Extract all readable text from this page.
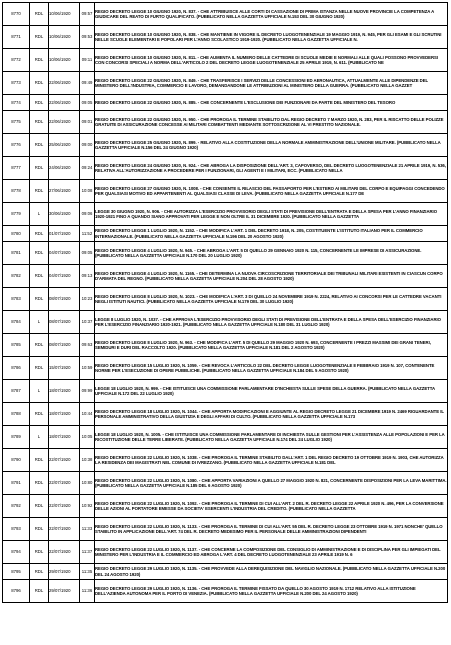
8770	RDL	10/06/1920	09:57	REGIO DECRETO LEGGE 10 GIUGNO 1920, N. 837. - CHE ATTRIBUISCE ALLE CORTI DI CASSAZIONE DI PRIMA ISTANZA NELLE NUOVE PROVINCIE LA COMPETENZA A GIUDICARE DEL REATO DI FURTO QUALIFICATO. (PUBBLICATO NELLA GAZZETTA UFFICIALE N.153 DEL 30 GIUGNO 1920)
8771	RDL	10/06/1920	09:53	REGIO DECRETO LEGGE 10 GIUGNO 1920, N. 838. - CHE MANTIENE IN VIGORE IL DECRETO LUOGOTENENZIALE 19 MAGGIO 1919, N. 945, PER GLI ESAMI E GLI SCRUTINI NELLE SCUOLE ELEMENTARI E POPOLARI PER L'ANNO SCOLASTICO 1919-1920. (PUBBLICATO NELLA GAZZETTA UFFICIALE N.
8772	RDL	10/06/1920	09:11	REGIO DECRETO LEGGE 10 GIUGNO 1920, N. 811. - CHE AUMENTA IL NUMERO DELLE CATTEDRE DI SCUOLE MEDIE E NORMALI ALLE QUALI POSSONO PROVVEDERSI CON CONCORSI SPECIALI A NORMA DELL'ARTICOLO 2 DEL DECRETO LEGGE LUOGOTENENZIALE 25 APRILE 1919, N. 611. (PUBBLICATO NE
8773	RDL	22/06/1920	09:49	REGIO DECRETO LEGGE 22 GIUGNO 1920, N. 849. - CHE TRASFERISCE I SERVIZI DELLE CONCESSIONI ED AERONAUTICA, ATTUALMENTE ALLE DIPENDENZE DEL MINISTERO DELL'INDUSTRIA, COMMERCIO E LAVORO, DEMANDANDONE LE ATTRIBUZIONI AL MINISTERO DELLA GUERRA. (PUBBLICATO NELLA GAZZET
8774	RDL	22/06/1920	09:05	REGIO DECRETO LEGGE 22 GIUGNO 1920, N. 885. - CHE CONCERNENTE L'ESCLUSIONE DEI FUNZIONARI DA PARTE DEL MINISTERO DEL TESORO
8775	RDL	22/06/1920	09:01	REGIO DECRETO LEGGE 22 GIUGNO 1920, N. 950. - CHE PROROGA IL TERMINE STABILITO DAL REGIO DECRETO 7 MARZO 1920, N. 283, PER IL RISCATTO DELLE POLIZZE GRATUITE DI ASSICURAZIONE CONCESSE AI MILITARI COMBATTENTI MEDIANTE SOTTOSCRIZIONE AL VI PRESTITO NAZIONALE.
8776	RDL	25/06/1920	09:00	REGIO DECRETO LEGGE 25 GIUGNO 1920, N. 899. - RELATIVO ALLA COSTITUZIONE DELLA NORMALE AMMINISTRAZIONE DELL'UNIONE MILITARE. (PUBBLICATO NELLA GAZZETTA UFFICIALE N.156 DEL 24 GIUGNO 1920)
8777	RDL	24/06/1920	09:24	REGIO DECRETO LEGGE 24 GIUGNO 1920, N. 924. - CHE ABROGA LA DISPOSIZIONE DELL'ART. 3, CAPOVERSO, DEL DECRETO LUOGOTENENZIALE 21 APRILE 1919, N. 536, RELATIVA ALL'AUTORIZZAZIONE A PROCEDERE PER I FUNZIONARI, GLI AGENTI E I MILITARI, ECC. (PUBBLICATO NELLA
8778	RDL	27/06/1920	10:08	REGIO DECRETO LEGGE 27 GIUGNO 1920, N. 1008. - CHE CONSENTE IL RILASCIO DEL PASSAPORTO PER L'ESTERO AI MILITARI DEL CORPO E EQUIPAGGI CONCEDENDO PER QUALSIASI MOTIVO ED APPARTENENTI AL QUALSIASI CLASSE DI LEVA. (PUBBLICATO NELLA GAZZETTA UFFICIALE N.177 DE
8779	L	30/06/1920	09:06	LEGGE 30 GIUGNO 1920, N. 906. - CHE AUTORIZZA L'ESERCIZIO PROVVISORIO DEGLI STATI DI PREVISIONE DELL'ENTRATA E DELLA SPESA PER L'ANNO FINANZIARIO 1920-1921 FINO A QUANDO SIANO APPROVATI PER LEGGE E NON OLTRE IL 31 DICEMBRE 1920. (PUBBLICATO NELLA GAZZETTA
8780	RDL	01/07/1920	11:52	REGIO DECRETO LEGGE 1 LUGLIO 1920, N. 1152. - CHE MODIFICA L'ART. 1 DEL DECRETO 1918, N. 205, COSTITUENTE L'ISTITUTO ITALIANO PER IL COMMERCIO INTERNAZIONALE. (PUBBLICATO NELLA GAZZETTA UFFICIALE N.196 DEL 20 AGOSTO 1920)
8781	RDL	04/07/1920	09:05	REGIO DECRETO LEGGE 4 LUGLIO 1920, N. 945. - CHE ABROGA L'ART. 5 DI QUELLO 29 GENNAIO 1920 N. 115, CONCERNENTE LE IMPRESE DI ASSICURAZIONE. (PUBBLICATO NELLA GAZZETTA UFFICIALE N.170 DEL 20 LUGLIO 1920)
8782	RDL	04/07/1920	09:13	REGIO DECRETO LEGGE 4 LUGLIO 1920, N. 1165. - CHE DETERMINA LA NUOVA CIRCOSCRIZIONE TERRITORIALE DEI TRIBUNALI MILITARI ESISTENTI IN CIASCUN CORPO D'ARMATA DEL REGNO. (PUBBLICATO NELLA GAZZETTA UFFICIALE N.204 DEL 28 AGOSTO 1920)
8783	RDL	08/07/1920	10:23	REGIO DECRETO LEGGE 8 LUGLIO 1920, N. 1023. - CHE MODIFICA L'ART. 3 DI QUELLO 24 NOVEMBRE 1919 N. 2224, RELATIVO AI CONCORSI PER LE CATTEDRE VACANTI NEGLI ISTITUTI NAUTICI. (PUBBLICATO NELLA GAZZETTA UFFICIALE N.179 DEL 30 LUGLIO 1920)
8784	L	08/07/1920	10:37	LEGGE 8 LUGLIO 1920, N. 1037. - CHE APPROVA L'ESERCIZIO PROVVISORIO DEGLI STATI DI PREVISIONE DELL'ENTRATA E DELLA SPESA DELL'ESERCIZIO FINANZIARIO PER L'ESERCIZIO FINANZIARIO 1920-1921. (PUBBLICATO NELLA GAZZETTA UFFICIALE N.180 DEL 31 LUGLIO 1920)
8785	RDL	08/07/1920	09:63	REGIO DECRETO LEGGE 8 LUGLIO 1920, N. 963. - CHE MODIFICA L'ART. 5 DI QUELLO 29 MAGGIO 1920 N. 693, CONCERNENTE I PREZZI MASSIMI DEI GRANI TENERI, SEMIDURI E DURI DEL RACCOLTO 1920. (PUBBLICATO NELLA GAZZETTA UFFICIALE N.181 DEL 2 AGOSTO 1920)
8786	RDL	15/07/1920	10:59	REGIO DECRETO LEGGE 15 LUGLIO 1920, N. 1059. - CHE REVOCA L'ARTICOLO 22 DEL DECRETO LEGGE LUOGOTENENZIALE 8 FEBBRAIO 1919 N. 107, CONTENENTE NORME PER L'ESECUZIONE DI OPERE PUBBLICHE. (PUBBLICATO NELLA GAZZETTA UFFICIALE N.184 DEL 5 AGOSTO 1920)
8787	L	18/07/1920	09:99	LEGGE 18 LUGLIO 1920, N. 999. - CHE ISTITUISCE UNA COMMISSIONE PARLAMENTARE D'INCHIESTA SULLE SPESE DELLA GUERRA. (PUBBLICATO NELLA GAZZETTA UFFICIALE N.172 DEL 22 LUGLIO 1920)
8788	RDL	18/07/1920	10:44	REGIO DECRETO LEGGE 18 LUGLIO 1920, N. 1044. - CHE APPORTA MODIFICAZIONI E AGGIUNTE AL REGIO DECRETO LEGGE 21 DICEMBRE 1919 N. 2469 RIGUARDANTE IL PERSONALE AMMINISTRATIVO DELLA GIUSTIZIA E DEGLI AFFARI DI CULTO. (PUBBLICATO NELLA GAZZETTA UFFICIALE N.173
8789	L	18/07/1920	10:05	LEGGE 18 LUGLIO 1920, N. 1005. - CHE ISTITUISCE UNA COMMISSIONE PARLAMENTARE DI INCHIESTA SULLE GESTIONI PER L'ASSISTENZA ALLE POPOLAZIONI E PER LA RICOSTITUZIONE DELLE TERRE LIBERATE. (PUBBLICATO NELLA GAZZETTA UFFICIALE N.174 DEL 24 LUGLIO 1920)
8790	RDL	22/07/1920	10:38	REGIO DECRETO LEGGE 22 LUGLIO 1920, N. 1038. - CHE PROROGA IL TERMINE STABILITO DALL'ART. 1 DEL REGIO DECRETO 19 OTTOBRE 1919 N. 1903, CHE AUTORIZZA LA RESIDENZA DEI MAGISTRATI NEL COMUNE DI IVREZZANO. (PUBBLICATO NELLA GAZZETTA UFFICIALE N.181 DEL
8791	RDL	22/07/1920	10:80	REGIO DECRETO LEGGE 22 LUGLIO 1920, N. 1080. - CHE APPORTA VARIAZIONI A QUELLO 27 MAGGIO 1920 N. 821, CONCERNENTE DISPOSIZIONI PER LA LEVA MARITTIMA. (PUBBLICATO NELLA GAZZETTA UFFICIALE N.185 DEL 6 AGOSTO 1920)
8792	RDL	22/07/1920	10:92	REGIO DECRETO LEGGE 22 LUGLIO 1920, N. 1092. - CHE PROROGA IL TERMINE DI CUI ALL'ART. 2 DEL R. DECRETO LEGGE 22 APRILE 1920 N. 496, PER LA CONVERSIONE DELLE AZIONI AL PORTATORE EMESSE DA SOCIETA' ESERCENTI L'INDUSTRIA DEL CREDITO. (PUBBLICATO NELLA GAZZETTA
8793	RDL	22/07/1920	11:33	REGIO DECRETO LEGGE 22 LUGLIO 1920, N. 1133. - CHE PROROGA IL TERMINE DI CUI ALL'ART. 55 DEL R. DECRETO LEGGE 23 OTTOBRE 1919 N. 1971 NONCHE' QUELLO STABILITO IN APPLICAZIONE DELL'ART. 74 DEL R. DECRETO MEDESIMO PER IL PERSONALE DELLE AMMINISTRAZIONI DIPENDENTI
8794	RDL	22/07/1920	11:37	REGIO DECRETO LEGGE 22 LUGLIO 1920, N. 1137. - CHE CONCERNE LA COMPOSIZIONE DEL CONSIGLIO DI AMMINISTRAZIONE E DI DISCIPLINA PER GLI IMPIEGATI DEL MINISTERO PER L'INDUSTRIA E IL COMMERCIO ED ABROGA L'ART. 4 DEL DECRETO LUOGOTENENZIALE 23 APRILE 1919 N. 6
8795	RDL	29/07/1920	11:35	REGIO DECRETO LEGGE 29 LUGLIO 1920, N. 1135. - CHE PROVVEDE ALLA DEREQUISIZIONE DEL NAVIGLIO NAZIONALE. (PUBBLICATO NELLA GAZZETTA UFFICIALE N.200 DEL 24 AGOSTO 1920)
8796	RDL	29/07/1920	11:36	REGIO DECRETO LEGGE 29 LUGLIO 1920, N. 1136. - CHE PROROGA IL TERMINE FISSATO DA QUELLO 30 AGOSTO 1919 N. 1712 RELATIVO ALLA ISTITUZIONE DELL'AZIENDA AUTONOMA PER IL PORTO DI VENEZIA. (PUBBLICATO NELLA GAZZETTA UFFICIALE N.200 DEL 24 AGOSTO 1920)
